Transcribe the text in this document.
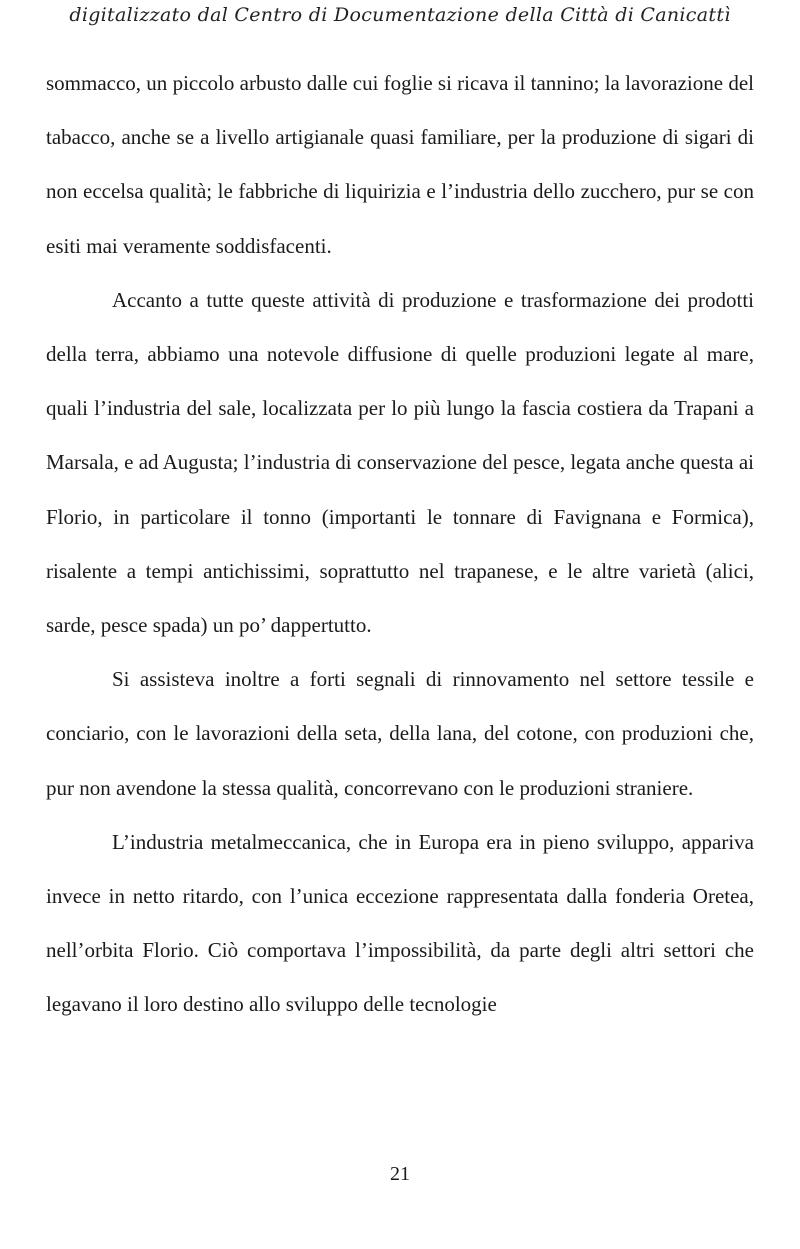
digitalizzato dal Centro di Documentazione della Città di Canicattì

sommacco, un piccolo arbusto dalle cui foglie si ricava il tannino; la lavorazione del tabacco, anche se a livello artigianale quasi familiare, per la produzione di sigari di non eccelsa qualità; le fabbriche di liquirizia e l’industria dello zucchero, pur se con esiti mai veramente soddisfacenti.

Accanto a tutte queste attività di produzione e trasformazione dei prodotti della terra, abbiamo una notevole diffusione di quelle produzioni legate al mare, quali l’industria del sale, localizzata per lo più lungo la fascia costiera da Trapani a Marsala, e ad Augusta; l’industria di conservazione del pesce, legata anche questa ai Florio, in particolare il tonno (importanti le tonnare di Favignana e Formica), risalente a tempi antichissimi, soprattutto nel trapanese, e le altre varietà (alici, sarde, pesce spada) un po’ dappertutto.

Si assisteva inoltre a forti segnali di rinnovamento nel settore tessile e conciario, con le lavorazioni della seta, della lana, del cotone, con produzioni che, pur non avendone la stessa qualità, concorrevano con le produzioni straniere.

L’industria metalmeccanica, che in Europa era in pieno sviluppo, appariva invece in netto ritardo, con l’unica eccezione rappresentata dalla fonderia Oretea, nell’orbita Florio. Ciò comportava l’impossibilità, da parte degli altri settori che legavano il loro destino allo sviluppo delle tecnologie

21
